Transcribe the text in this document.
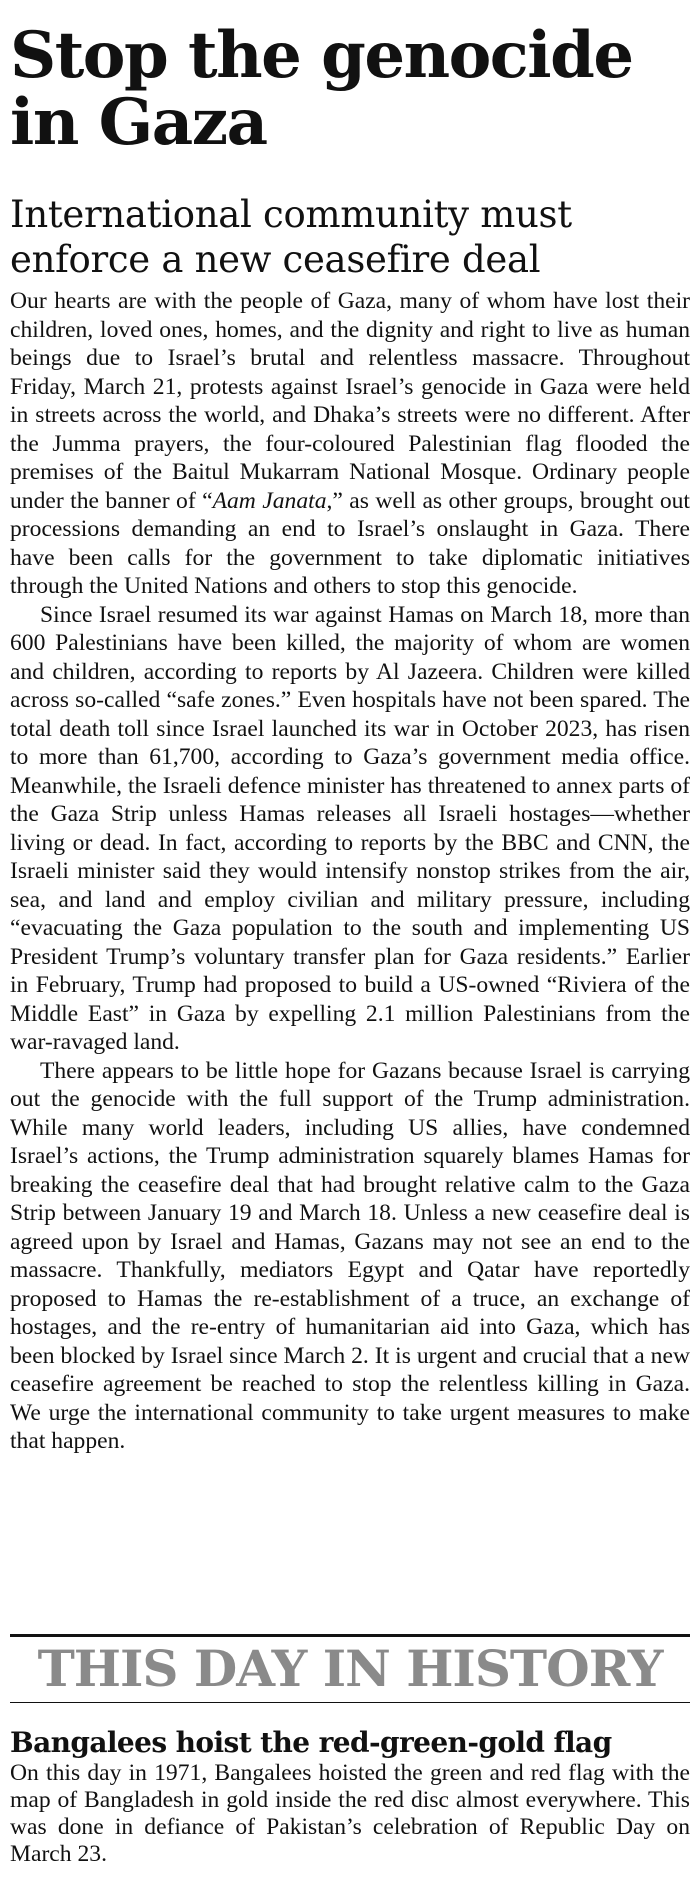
Stop the genocide in Gaza
International community must enforce a new ceasefire deal

Our hearts are with the people of Gaza, many of whom have lost their children, loved ones, homes, and the dignity and right to live as human beings due to Israel’s brutal and relentless massacre. Throughout Friday, March 21, protests against Israel’s genocide in Gaza were held in streets across the world, and Dhaka’s streets were no different. After the Jumma prayers, the four-coloured Palestinian flag flooded the premises of the Baitul Mukarram National Mosque. Ordinary people under the banner of “Aam Janata,” as well as other groups, brought out processions demanding an end to Israel’s onslaught in Gaza. There have been calls for the government to take diplomatic initiatives through the United Nations and others to stop this genocide.

Since Israel resumed its war against Hamas on March 18, more than 600 Palestinians have been killed, the majority of whom are women and children, according to reports by Al Jazeera. Children were killed across so-called “safe zones.” Even hospitals have not been spared. The total death toll since Israel launched its war in October 2023, has risen to more than 61,700, according to Gaza’s government media office. Meanwhile, the Israeli defence minister has threatened to annex parts of the Gaza Strip unless Hamas releases all Israeli hostages—whether living or dead. In fact, according to reports by the BBC and CNN, the Israeli minister said they would intensify nonstop strikes from the air, sea, and land and employ civilian and military pressure, including “evacuating the Gaza population to the south and implementing US President Trump’s voluntary transfer plan for Gaza residents.” Earlier in February, Trump had proposed to build a US-owned “Riviera of the Middle East” in Gaza by expelling 2.1 million Palestinians from the war-ravaged land.

There appears to be little hope for Gazans because Israel is carrying out the genocide with the full support of the Trump administration. While many world leaders, including US allies, have condemned Israel’s actions, the Trump administration squarely blames Hamas for breaking the ceasefire deal that had brought relative calm to the Gaza Strip between January 19 and March 18. Unless a new ceasefire deal is agreed upon by Israel and Hamas, Gazans may not see an end to the massacre. Thankfully, mediators Egypt and Qatar have reportedly proposed to Hamas the re-establishment of a truce, an exchange of hostages, and the re-entry of humanitarian aid into Gaza, which has been blocked by Israel since March 2. It is urgent and crucial that a new ceasefire agreement be reached to stop the relentless killing in Gaza. We urge the international community to take urgent measures to make that happen.

THIS DAY IN HISTORY
Bangalees hoist the red-green-gold flag

On this day in 1971, Bangalees hoisted the green and red flag with the map of Bangladesh in gold inside the red disc almost everywhere. This was done in defiance of Pakistan’s celebration of Republic Day on March 23.
